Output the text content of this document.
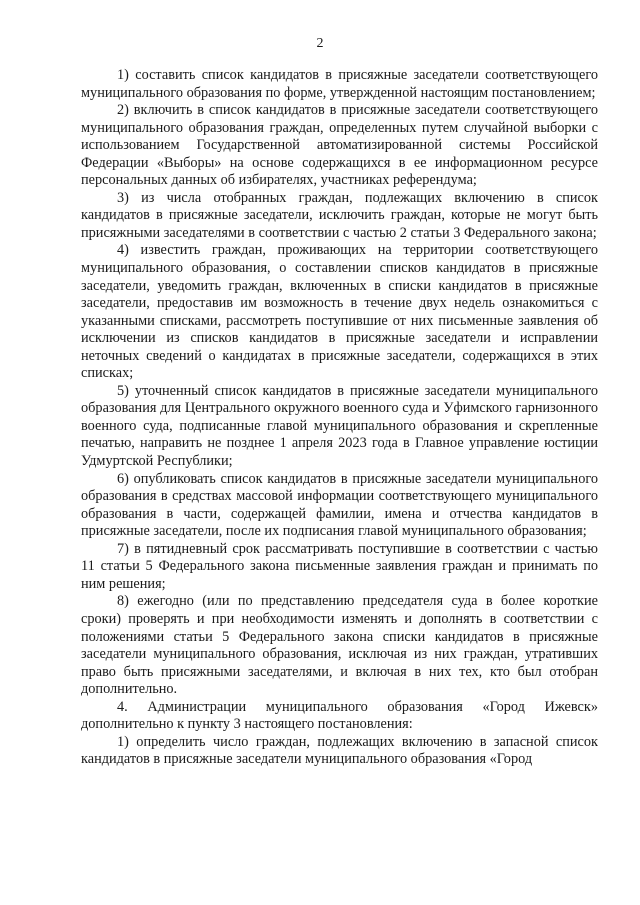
2

1) составить список кандидатов в присяжные заседатели соответствующего муниципального образования по форме, утвержденной настоящим постановлением;

2) включить в список кандидатов в присяжные заседатели соответствующего муниципального образования граждан, определенных путем случайной выборки с использованием Государственной автоматизированной системы Российской Федерации «Выборы» на основе содержащихся в ее информационном ресурсе персональных данных об избирателях, участниках референдума;

3) из числа отобранных граждан, подлежащих включению в список кандидатов в присяжные заседатели, исключить граждан, которые не могут быть присяжными заседателями в соответствии с частью 2 статьи 3 Федерального закона;

4) известить граждан, проживающих на территории соответствующего муниципального образования, о составлении списков кандидатов в присяжные заседатели, уведомить граждан, включенных в списки кандидатов в присяжные заседатели, предоставив им возможность в течение двух недель ознакомиться с указанными списками, рассмотреть поступившие от них письменные заявления об исключении из списков кандидатов в присяжные заседатели и исправлении неточных сведений о кандидатах в присяжные заседатели, содержащихся в этих списках;

5) уточненный список кандидатов в присяжные заседатели муниципального образования для Центрального окружного военного суда и Уфимского гарнизонного военного суда, подписанные главой муниципального образования и скрепленные печатью, направить не позднее 1 апреля 2023 года в Главное управление юстиции Удмуртской Республики;

6) опубликовать список кандидатов в присяжные заседатели муниципального образования в средствах массовой информации соответствующего муниципального образования в части, содержащей фамилии, имена и отчества кандидатов в присяжные заседатели, после их подписания главой муниципального образования;

7) в пятидневный срок рассматривать поступившие в соответствии с частью 11 статьи 5 Федерального закона письменные заявления граждан и принимать по ним решения;

8) ежегодно (или по представлению председателя суда в более короткие сроки) проверять и при необходимости изменять и дополнять в соответствии с положениями статьи 5 Федерального закона списки кандидатов в присяжные заседатели муниципального образования, исключая из них граждан, утративших право быть присяжными заседателями, и включая в них тех, кто был отобран дополнительно.

4. Администрации муниципального образования «Город Ижевск» дополнительно к пункту 3 настоящего постановления:

1) определить число граждан, подлежащих включению в запасной список кандидатов в присяжные заседатели муниципального образования «Город
